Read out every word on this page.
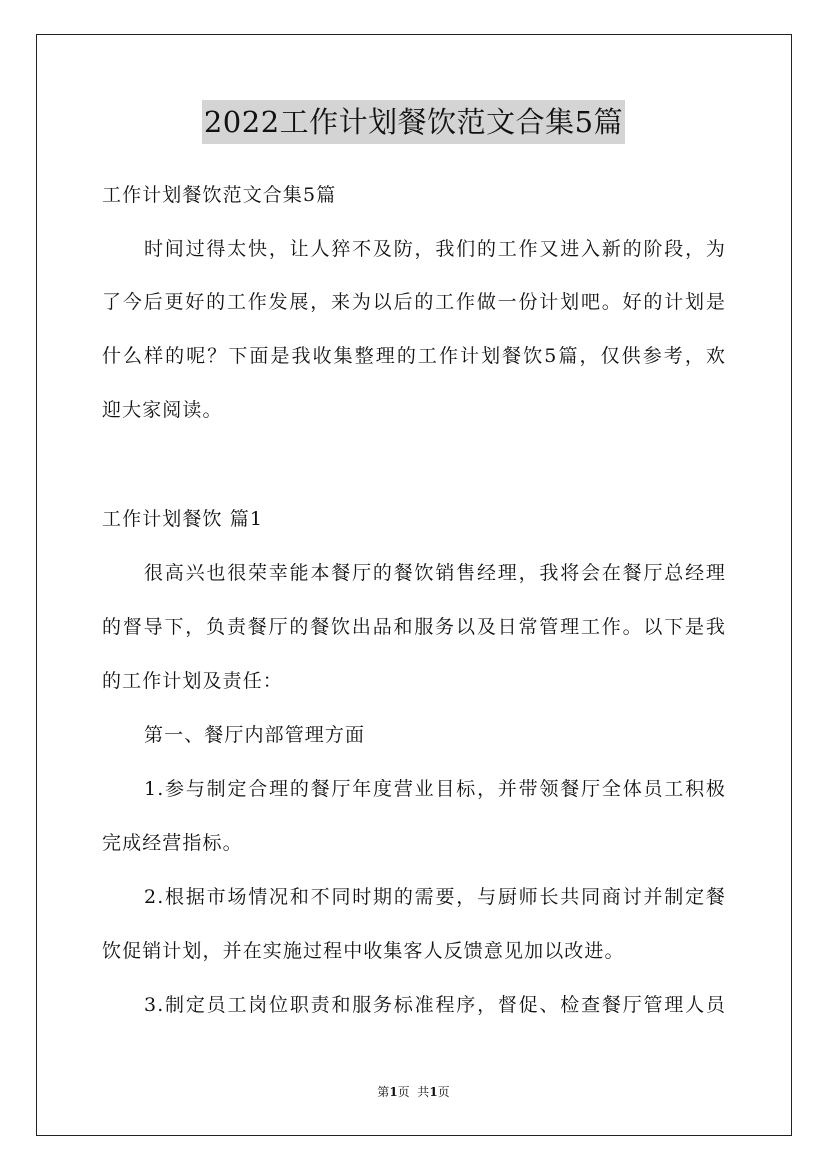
2022工作计划餐饮范文合集5篇
工作计划餐饮范文合集5篇
时间过得太快，让人猝不及防，我们的工作又进入新的阶段，为
了今后更好的工作发展，来为以后的工作做一份计划吧。好的计划是
什么样的呢？下面是我收集整理的工作计划餐饮5篇，仅供参考，欢
迎大家阅读。
工作计划餐饮 篇1
很高兴也很荣幸能本餐厅的餐饮销售经理，我将会在餐厅总经理
的督导下，负责餐厅的餐饮出品和服务以及日常管理工作。以下是我
的工作计划及责任：
第一、餐厅内部管理方面
1.参与制定合理的餐厅年度营业目标，并带领餐厅全体员工积极
完成经营指标。
2.根据市场情况和不同时期的需要，与厨师长共同商讨并制定餐
饮促销计划，并在实施过程中收集客人反馈意见加以改进。
3.制定员工岗位职责和服务标准程序，督促、检查餐厅管理人员
第1页  共1页
